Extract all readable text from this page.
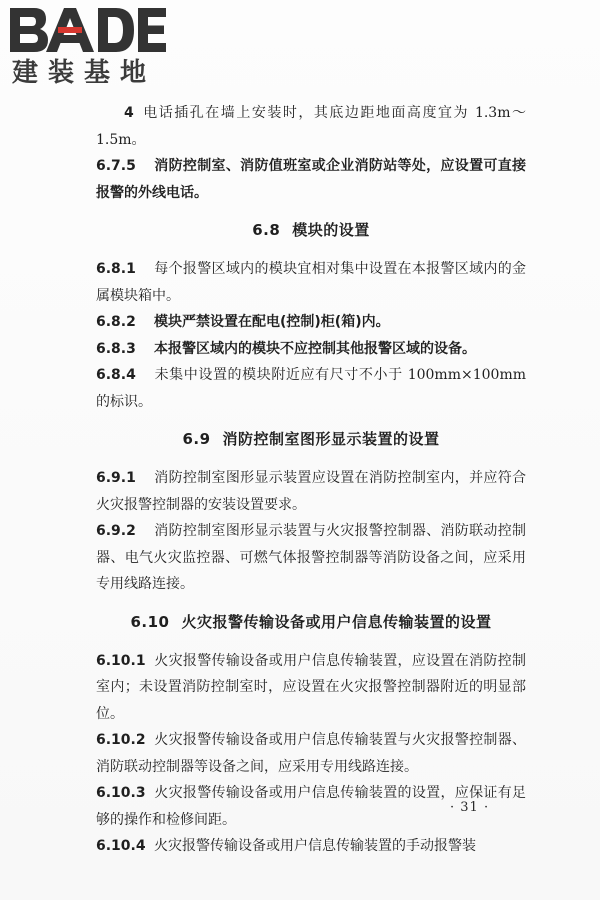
建装基地

4 电话插孔在墙上安装时，其底边距地面高度宜为 1.3m～1.5m。

6.7.5 消防控制室、消防值班室或企业消防站等处，应设置可直接报警的外线电话。

6.8 模块的设置

6.8.1 每个报警区域内的模块宜相对集中设置在本报警区域内的金属模块箱中。

6.8.2 模块严禁设置在配电(控制)柜(箱)内。

6.8.3 本报警区域内的模块不应控制其他报警区域的设备。

6.8.4 未集中设置的模块附近应有尺寸不小于 100mm×100mm的标识。

6.9 消防控制室图形显示装置的设置

6.9.1 消防控制室图形显示装置应设置在消防控制室内，并应符合火灾报警控制器的安装设置要求。

6.9.2 消防控制室图形显示装置与火灾报警控制器、消防联动控制器、电气火灾监控器、可燃气体报警控制器等消防设备之间，应采用专用线路连接。

6.10 火灾报警传输设备或用户信息传输装置的设置

6.10.1 火灾报警传输设备或用户信息传输装置，应设置在消防控制室内；未设置消防控制室时，应设置在火灾报警控制器附近的明显部位。

6.10.2 火灾报警传输设备或用户信息传输装置与火灾报警控制器、消防联动控制器等设备之间，应采用专用线路连接。

6.10.3 火灾报警传输设备或用户信息传输装置的设置，应保证有足够的操作和检修间距。

6.10.4 火灾报警传输设备或用户信息传输装置的手动报警装

· 31 ·
